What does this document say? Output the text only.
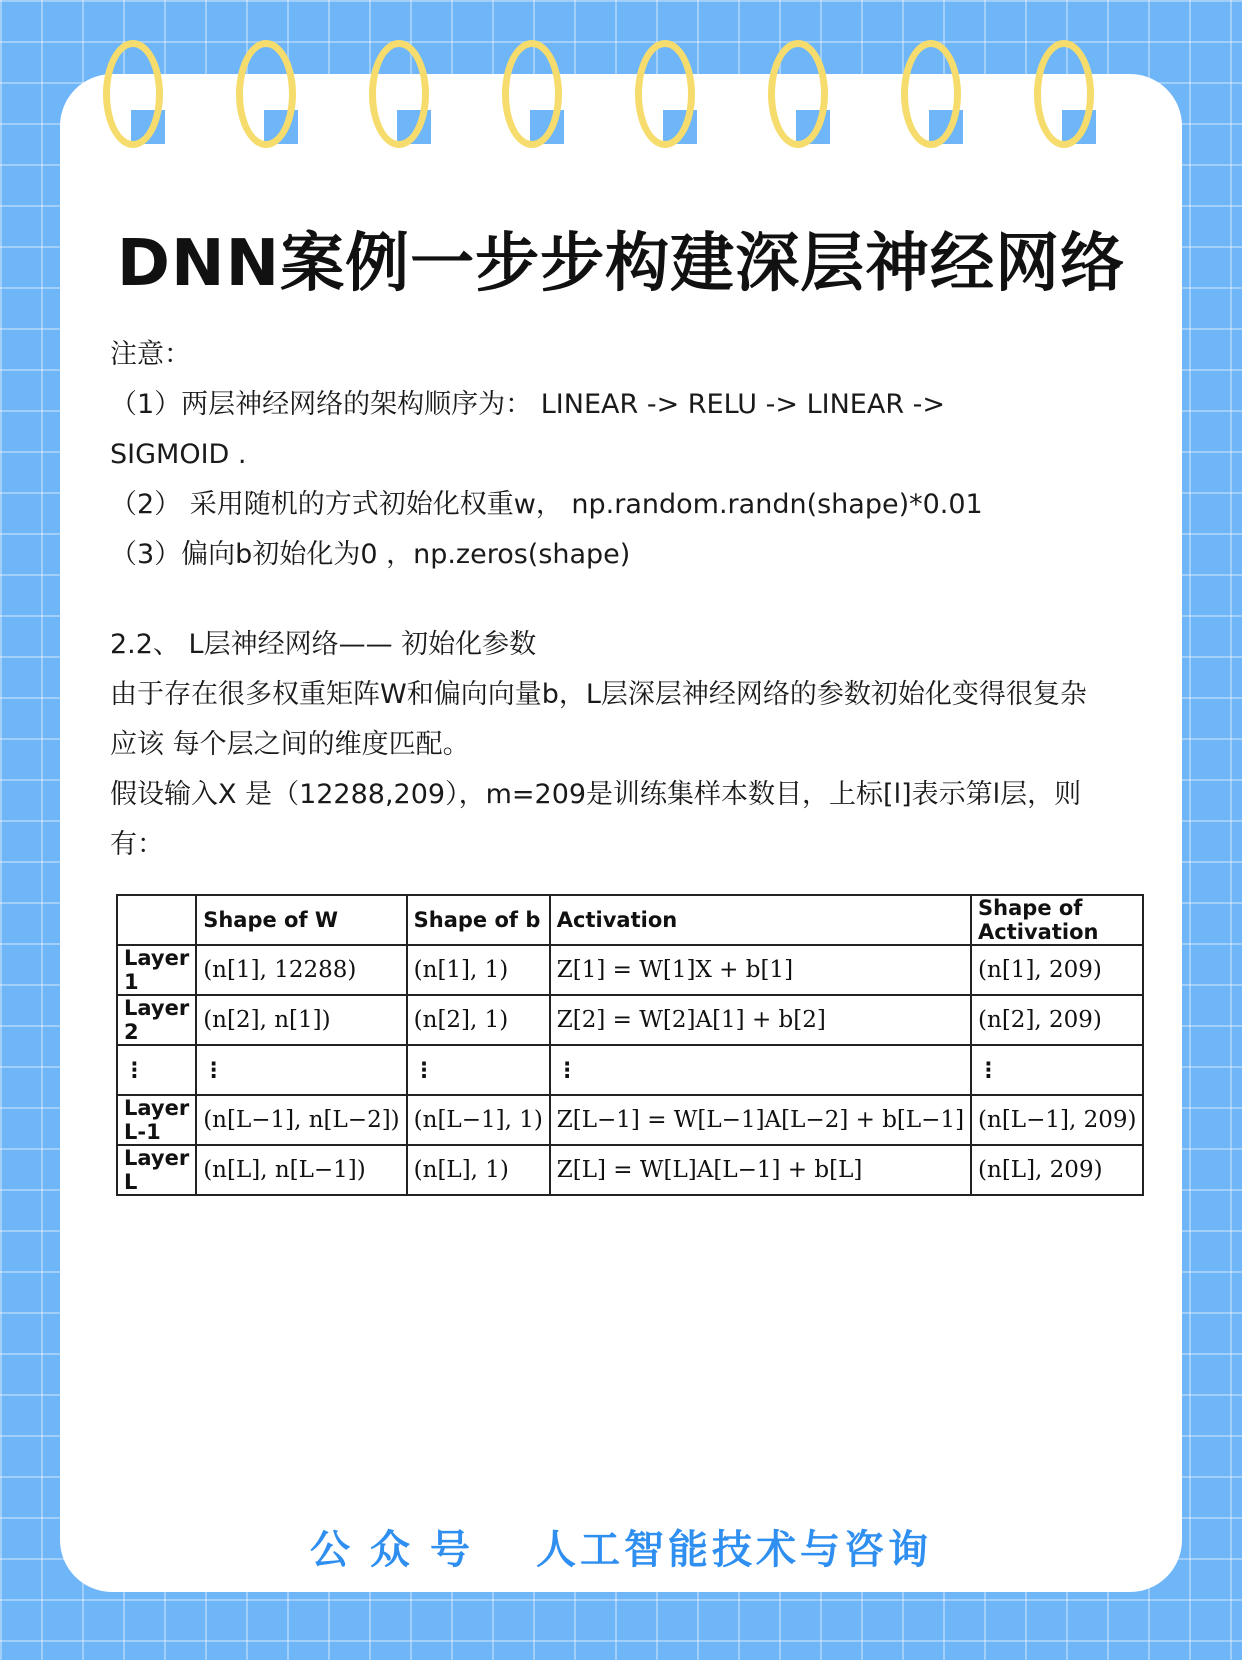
DNN案例一步步构建深层神经网络

注意：

（1）两层神经网络的架构顺序为： LINEAR -> RELU -> LINEAR ->

SIGMOID .

（2） 采用随机的方式初始化权重w， np.random.randn(shape)*0.01

（3）偏向b初始化为0 ，np.zeros(shape)

2.2、 L层神经网络—— 初始化参数

由于存在很多权重矩阵W和偏向向量b，L层深层神经网络的参数初始化变得很复杂

应该 每个层之间的维度匹配。

假设输入X 是（12288,209），m=209是训练集样本数目，上标[l]表示第l层，则

有：

	Shape of W	Shape of b	Activation	Shape of Activation
Layer 1	(n[1], 12288)	(n[1], 1)	Z[1] = W[1]X + b[1]	(n[1], 209)
Layer 2	(n[2], n[1])	(n[2], 1)	Z[2] = W[2]A[1] + b[2]	(n[2], 209)
⋮	⋮	⋮	⋮	⋮
Layer L-1	(n[L−1], n[L−2])	(n[L−1], 1)	Z[L−1] = W[L−1]A[L−2] + b[L−1]	(n[L−1], 209)
Layer L	(n[L], n[L−1])	(n[L], 1)	Z[L] = W[L]A[L−1] + b[L]	(n[L], 209)
公 众 号 人工智能技术与咨询
